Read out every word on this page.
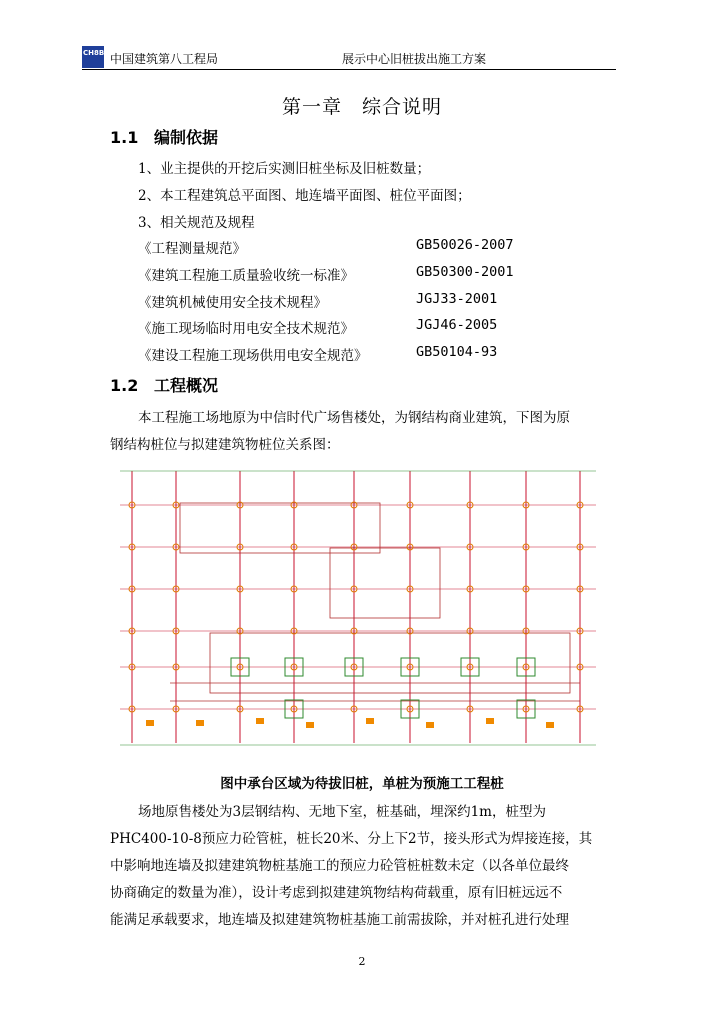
CH8B 中国建筑第八工程局	展示中心旧桩拔出施工方案
第一章　综合说明
1.1 编制依据
1、业主提供的开挖后实测旧桩坐标及旧桩数量；
2、本工程建筑总平面图、地连墙平面图、桩位平面图；
3、相关规范及规程
《工程测量规范》	GB50026-2007
《建筑工程施工质量验收统一标准》	GB50300-2001
《建筑机械使用安全技术规程》	JGJ33-2001
《施工现场临时用电安全技术规范》	JGJ46-2005
《建设工程施工现场供用电安全规范》	GB50104-93
1.2 工程概况
本工程施工场地原为中信时代广场售楼处，为钢结构商业建筑，下图为原
钢结构桩位与拟建建筑物桩位关系图：
图中承台区域为待拔旧桩，单桩为预施工工程桩
场地原售楼处为3层钢结构、无地下室，桩基础，埋深约1m，桩型为
PHC400-10-8预应力砼管桩，桩长20米、分上下2节，接头形式为焊接连接，其
中影响地连墙及拟建建筑物桩基施工的预应力砼管桩桩数未定（以各单位最终
协商确定的数量为准），设计考虑到拟建建筑物结构荷载重，原有旧桩远远不
能满足承载要求，地连墙及拟建建筑物桩基施工前需拔除，并对桩孔进行处理
2
